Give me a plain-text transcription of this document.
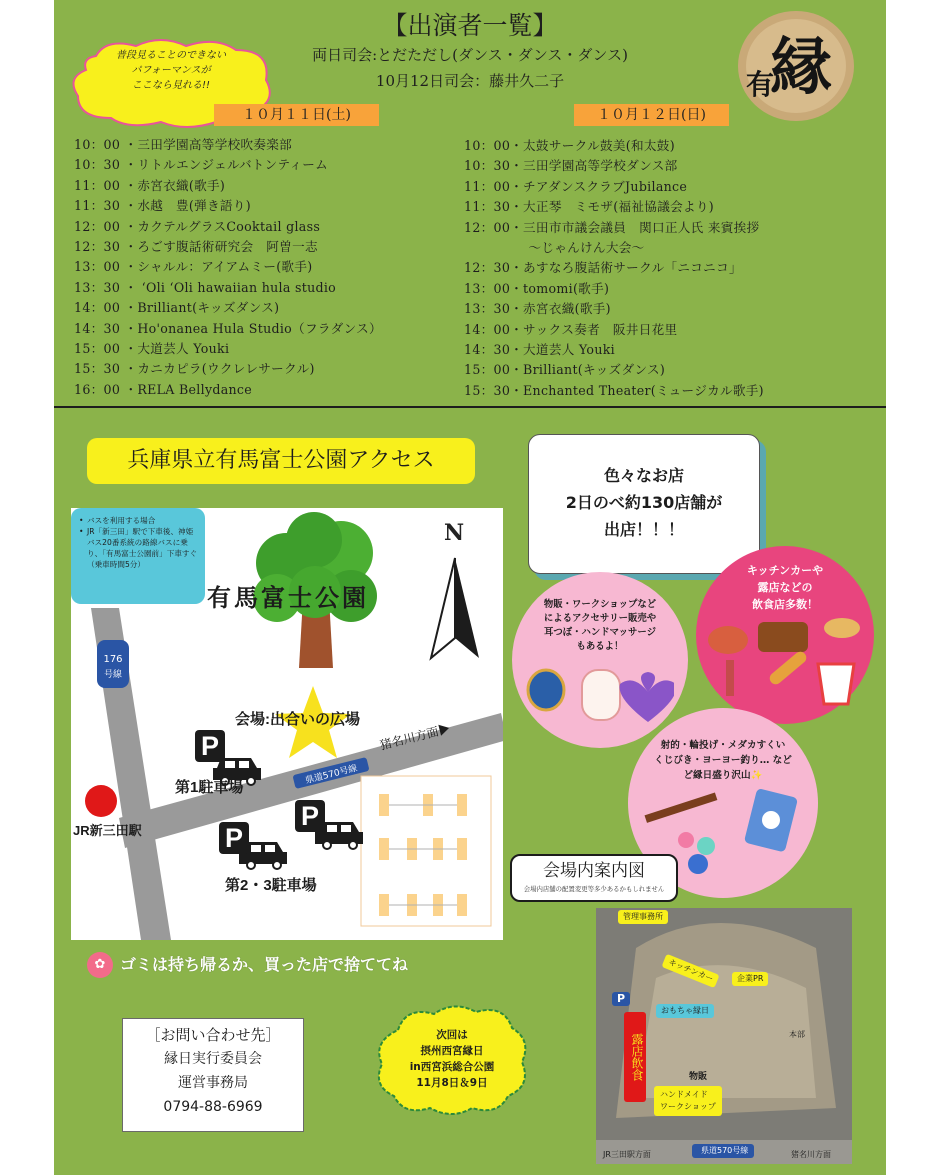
【出演者一覧】
両日司会:とだただし(ダンス・ダンス・ダンス)
10月12日司会：藤井久二子
普段見ることのできない
パフォーマンスが
ここなら見れる!!	有
縁
１０月１１日(土)	１０月１２日(日)
10：00 ・三田学園高等学校吹奏楽部
10：30 ・リトルエンジェルバトンティーム
11：00 ・赤宮衣織(歌手)
11：30 ・水越　豊(弾き語り)
12：00 ・カクテルグラスCooktail glass
12：30 ・ろごす腹話術研究会　阿曽一志
13：00 ・シャルル：アイアムミー(歌手)
13：30 ・ ʻOli ʻOli hawaiian hula studio
14：00 ・Brilliant(キッズダンス)
14：30 ・Ho'onanea Hula Studio（フラダンス）
15：00 ・大道芸人 Youki
15：30 ・カニカピラ(ウクレレサークル)
16：00 ・RELA Bellydance
10：00・太鼓サークル鼓美(和太鼓)
10：30・三田学園高等学校ダンス部
11：00・チアダンスクラブJubilance
11：30・大正琴　ミモザ(福祉協議会より)
12：00・三田市市議会議員　関口正人氏 来賓挨拶
　　　　　〜じゃんけん大会〜
12：30・あすなろ腹話術サークル「ニコニコ」
13：00・tomomi(歌手)
13：30・赤宮衣織(歌手)
14：00・サックス奏者　阪井日花里
14：30・大道芸人 Youki
15：00・Brilliant(キッズダンス)
15：30・Enchanted Theater(ミュージカル歌手)
兵庫県立有馬富士公園アクセス
176
号線
県道570号線
有馬富士公園
N
会場:出合いの広場
猪名川方面▶
P
第1駐車場
P
P
第2・3駐車場
JR新三田駅
• バスを利用する場合
• JR「新三田」駅で下車後、神姫バス20番系統の路線バスに乗り、「有馬富士公園前」下車すぐ（乗車時間5分）
✿ ゴミは持ち帰るか、買った店で捨ててね
［お問い合わせ先］
縁日実行委員会
運営事務局
0794-88-6969
次回は
摂州西宮縁日
in西宮浜総合公園
11月8日＆9日
色々なお店
2日のべ約130店舗が
出店！！！
物販・ワークショップなど
によるアクセサリー販売や
耳つぼ・ハンドマッサージ
もあるよ！
キッチンカーや
露店などの
飲食店多数！
射的・輪投げ・メダカすくい
くじびき・ヨーヨー釣り… など
ど縁日盛り沢山✨
会場内案内図
会場内店舗の配置変更等多少あるかもしれません
管理事務所
キッチンカー	企業PR
おもちゃ縁日
露店飲食	物販
ハンドメイド
ワークショップ
本部
JR三田駅方面	県道570号線	猪名川方面
P
